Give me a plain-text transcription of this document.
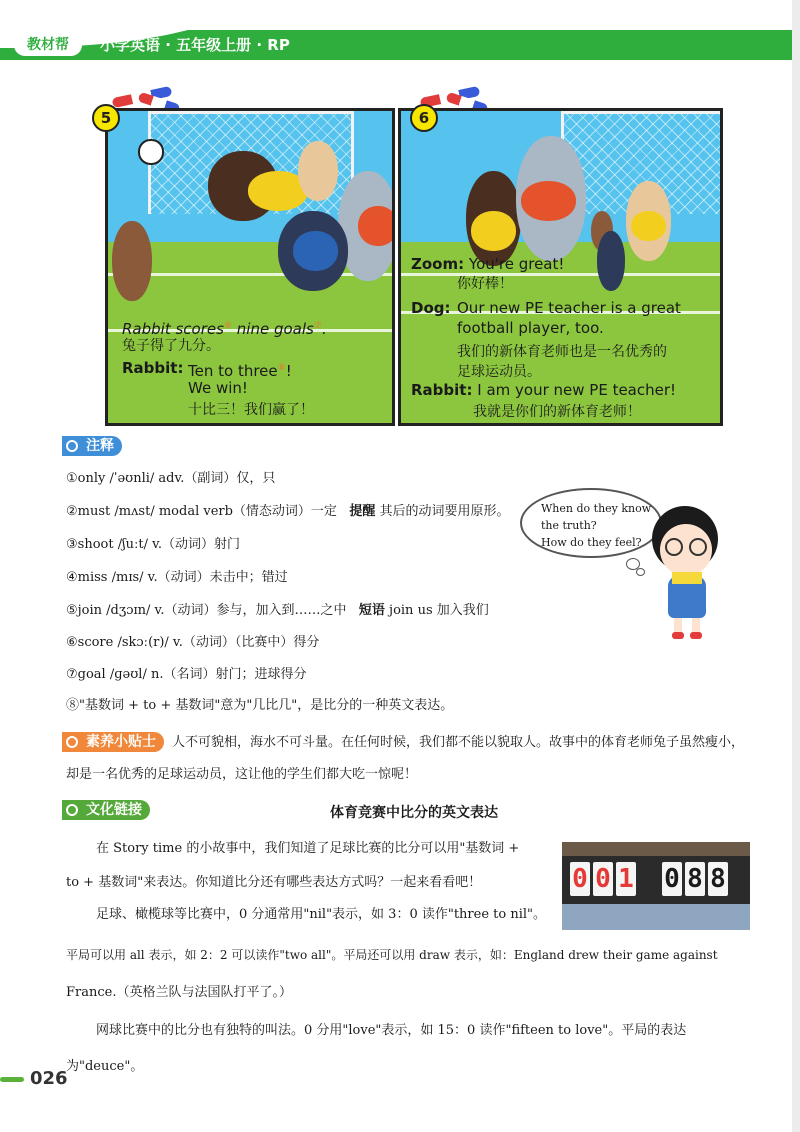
教材帮	小学英语 · 五年级上册 · RP
Rabbit scores⑥ nine goals⑦.
兔子得了九分。
Rabbit: Ten to three⑧!
We win!
十比三！我们赢了！
5
Zoom: You're great!
你好棒！
Dog: Our new PE teacher is a great
football player, too.
我们的新体育老师也是一名优秀的
足球运动员。
Rabbit: I am your new PE teacher!
我就是你们的新体育老师！
6
注释
①only /ˈəʊnli/ adv.（副词）仅，只
②must /mʌst/ modal verb（情态动词）一定 提醒 其后的动词要用原形。
③shoot /ʃuːt/ v.（动词）射门
④miss /mɪs/ v.（动词）未击中；错过
⑤join /dʒɔɪn/ v.（动词）参与，加入到……之中 短语 join us 加入我们
⑥score /skɔː(r)/ v.（动词）（比赛中）得分
⑦goal /ɡəʊl/ n.（名词）射门；进球得分
⑧"基数词 + to + 基数词"意为"几比几"，是比分的一种英文表达。
When do they know
the truth?
How do they feel?
素养小贴士	人不可貌相，海水不可斗量。在任何时候，我们都不能以貌取人。故事中的体育老师兔子虽然瘦小，
却是一名优秀的足球运动员，这让他的学生们都大吃一惊呢！
文化链接	体育竞赛中比分的英文表达
在 Story time 的小故事中，我们知道了足球比赛的比分可以用"基数词 +
to + 基数词"来表达。你知道比分还有哪些表达方式吗？一起来看看吧！
足球、橄榄球等比赛中，0 分通常用"nil"表示，如 3：0 读作"three to nil"。
平局可以用 all 表示，如 2：2 可以读作"two all"。平局还可以用 draw 表示，如：England drew their game against
France.（英格兰队与法国队打平了。）
网球比赛中的比分也有独特的叫法。0 分用"love"表示，如 15：0 读作"fifteen to love"。平局的表达
为"deuce"。
0 0 1 0 8 8
026
